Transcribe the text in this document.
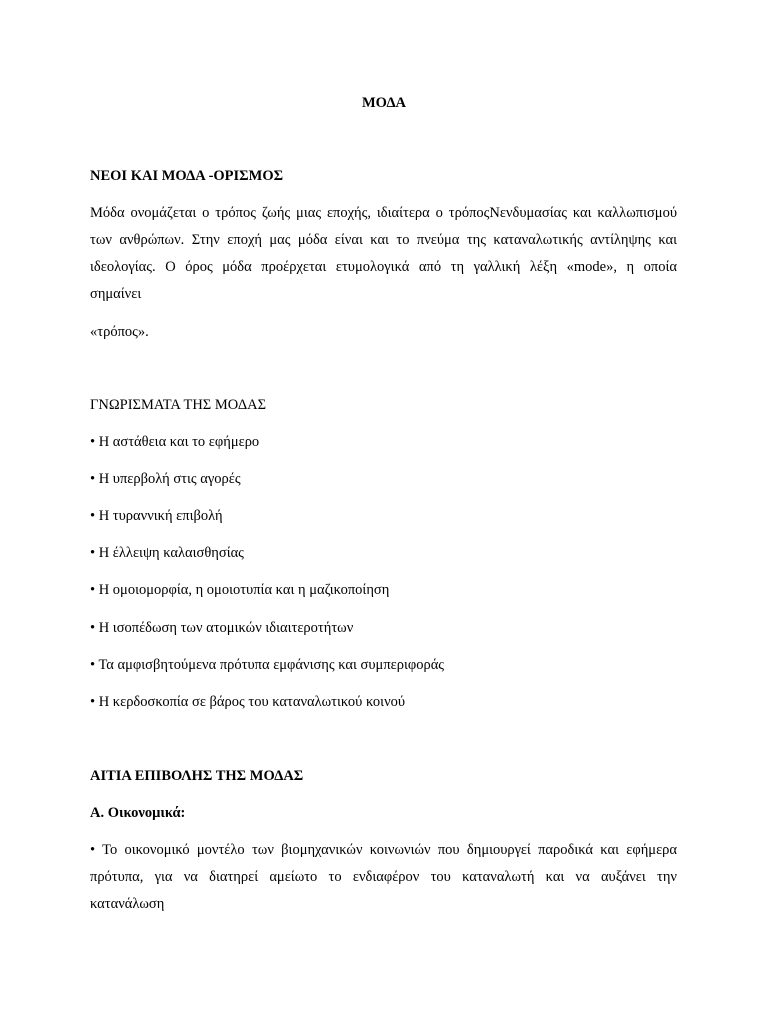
ΜΟΔΑ
ΝΕΟΙ ΚΑΙ ΜΟΔΑ -ΟΡΙΣΜΟΣ
Μόδα ονομάζεται ο τρόπος ζωής μιας εποχής, ιδιαίτερα ο τρόποςΝενδυμασίας και καλλωπισμού
των ανθρώπων. Στην εποχή μας μόδα είναι και το πνεύμα της καταναλωτικής αντίληψης και
ιδεολογίας. Ο όρος μόδα προέρχεται ετυμολογικά από τη γαλλική λέξη «mode», η οποία
σημαίνει
«τρόπος».
ΓΝΩΡΙΣΜΑΤΑ ΤΗΣ ΜΟΔΑΣ
• Η αστάθεια και το εφήμερο
• Η υπερβολή στις αγορές
• Η τυραννική επιβολή
• Η έλλειψη καλαισθησίας
• Η ομοιομορφία, η ομοιοτυπία και η μαζικοποίηση
• Η ισοπέδωση των ατομικών ιδιαιτεροτήτων
• Τα αμφισβητούμενα πρότυπα εμφάνισης και συμπεριφοράς
• Η κερδοσκοπία σε βάρος του καταναλωτικού κοινού
ΑΙΤΙΑ ΕΠΙΒΟΛΗΣ ΤΗΣ ΜΟΔΑΣ
Α. Οικονομικά:
• Το οικονομικό μοντέλο των βιομηχανικών κοινωνιών που δημιουργεί παροδικά και εφήμερα
πρότυπα, για να διατηρεί αμείωτο το ενδιαφέρον του καταναλωτή και να αυξάνει την
κατανάλωση
